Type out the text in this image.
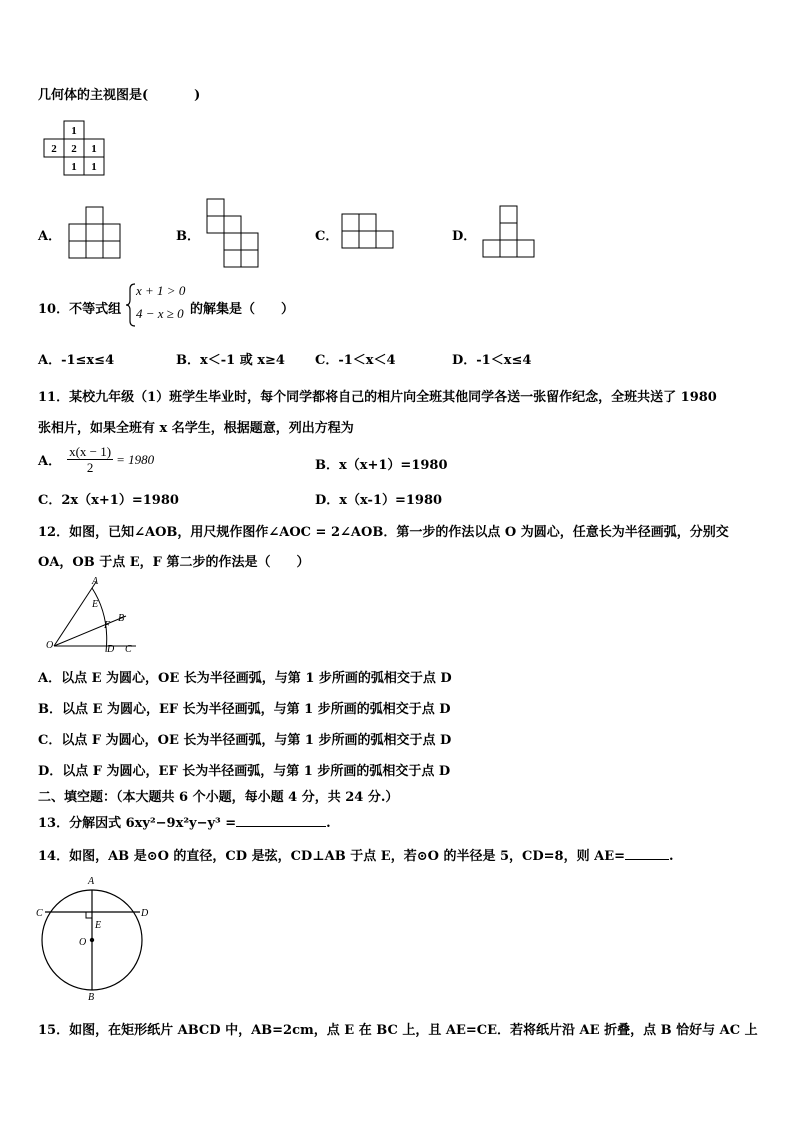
几何体的主视图是(	)
1
2 2 1
1 1
A．	B．	C．	D．
10．不等式组
x + 1 > 0
4 − x ≥ 0 的解集是（　　）
A．-1≤x≤4	B．x＜-1 或 x≥4 C．-1＜x＜4	D．-1＜x≤4
11．某校九年级（1）班学生毕业时，每个同学都将自己的相片向全班其他同学各送一张留作纪念，全班共送了 1980
张相片，如果全班有 x 名学生，根据题意，列出方程为
A． $\frac{x(x - 1)}{2} = 1980$	B．x（x+1）=1980
C．2x（x+1）=1980	D．x（x-1）=1980
12．如图，已知∠AOB，用尺规作图作∠AOC = 2∠AOB．第一步的作法以点 O 为圆心，任意长为半径画弧，分别交
OA，OB 于点 E，F 第二步的作法是（　　）
A
E
B
F
O	D C
A．以点 E 为圆心，OE 长为半径画弧，与第 1 步所画的弧相交于点 D
B．以点 E 为圆心，EF 长为半径画弧，与第 1 步所画的弧相交于点 D
C．以点 F 为圆心，OE 长为半径画弧，与第 1 步所画的弧相交于点 D
D．以点 F 为圆心，EF 长为半径画弧，与第 1 步所画的弧相交于点 D
二、填空题：（本大题共 6 个小题，每小题 4 分，共 24 分.）
13．分解因式 6xy²−9x²y−y³ =	.
14．如图，AB 是⊙O 的直径，CD 是弦，CD⊥AB 于点 E，若⊙O 的半径是 5，CD=8，则 AE=	.
A
B
C	D
E
O
15．如图，在矩形纸片 ABCD 中，AB=2cm，点 E 在 BC 上，且 AE=CE．若将纸片沿 AE 折叠，点 B 恰好与 AC 上
